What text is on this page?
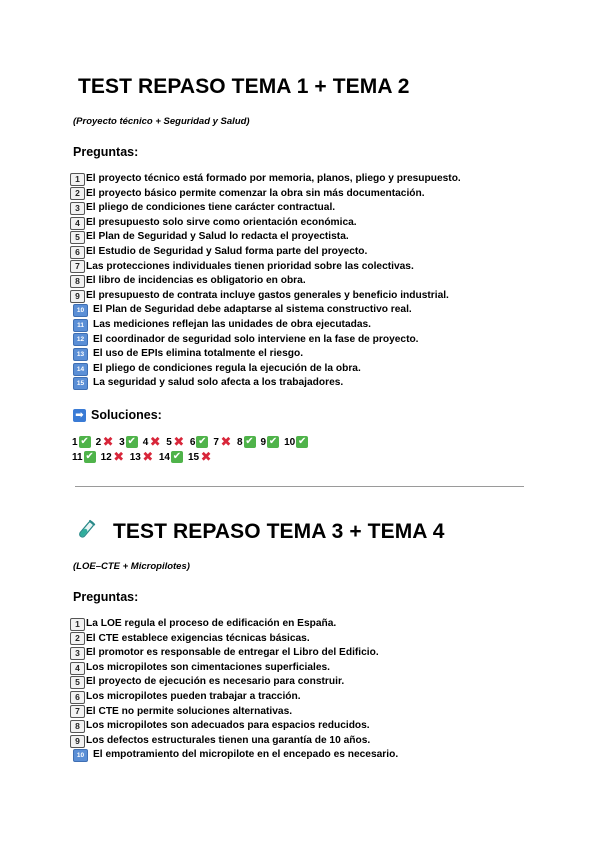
TEST REPASO TEMA 1 + TEMA 2
(Proyecto técnico + Seguridad y Salud)
Preguntas:
1 El proyecto técnico está formado por memoria, planos, pliego y presupuesto.
2 El proyecto básico permite comenzar la obra sin más documentación.
3 El pliego de condiciones tiene carácter contractual.
4 El presupuesto solo sirve como orientación económica.
5 El Plan de Seguridad y Salud lo redacta el proyectista.
6 El Estudio de Seguridad y Salud forma parte del proyecto.
7 Las protecciones individuales tienen prioridad sobre las colectivas.
8 El libro de incidencias es obligatorio en obra.
9 El presupuesto de contrata incluye gastos generales y beneficio industrial.
10 El Plan de Seguridad debe adaptarse al sistema constructivo real.
11 Las mediciones reflejan las unidades de obra ejecutadas.
12 El coordinador de seguridad solo interviene en la fase de proyecto.
13 El uso de EPIs elimina totalmente el riesgo.
14 El pliego de condiciones regula la ejecución de la obra.
15 La seguridad y salud solo afecta a los trabajadores.
➡ Soluciones:
1 ✔ 2 ✖ 3 ✔ 4 ✖ 5 ✖ 6 ✔ 7 ✖ 8 ✔ 9 ✔ 10 ✔
11 ✔ 12 ✖ 13 ✖ 14 ✔ 15 ✖
TEST REPASO TEMA 3 + TEMA 4
(LOE–CTE + Micropilotes)
Preguntas:
1 La LOE regula el proceso de edificación en España.
2 El CTE establece exigencias técnicas básicas.
3 El promotor es responsable de entregar el Libro del Edificio.
4 Los micropilotes son cimentaciones superficiales.
5 El proyecto de ejecución es necesario para construir.
6 Los micropilotes pueden trabajar a tracción.
7 El CTE no permite soluciones alternativas.
8 Los micropilotes son adecuados para espacios reducidos.
9 Los defectos estructurales tienen una garantía de 10 años.
10 El empotramiento del micropilote en el encepado es necesario.
